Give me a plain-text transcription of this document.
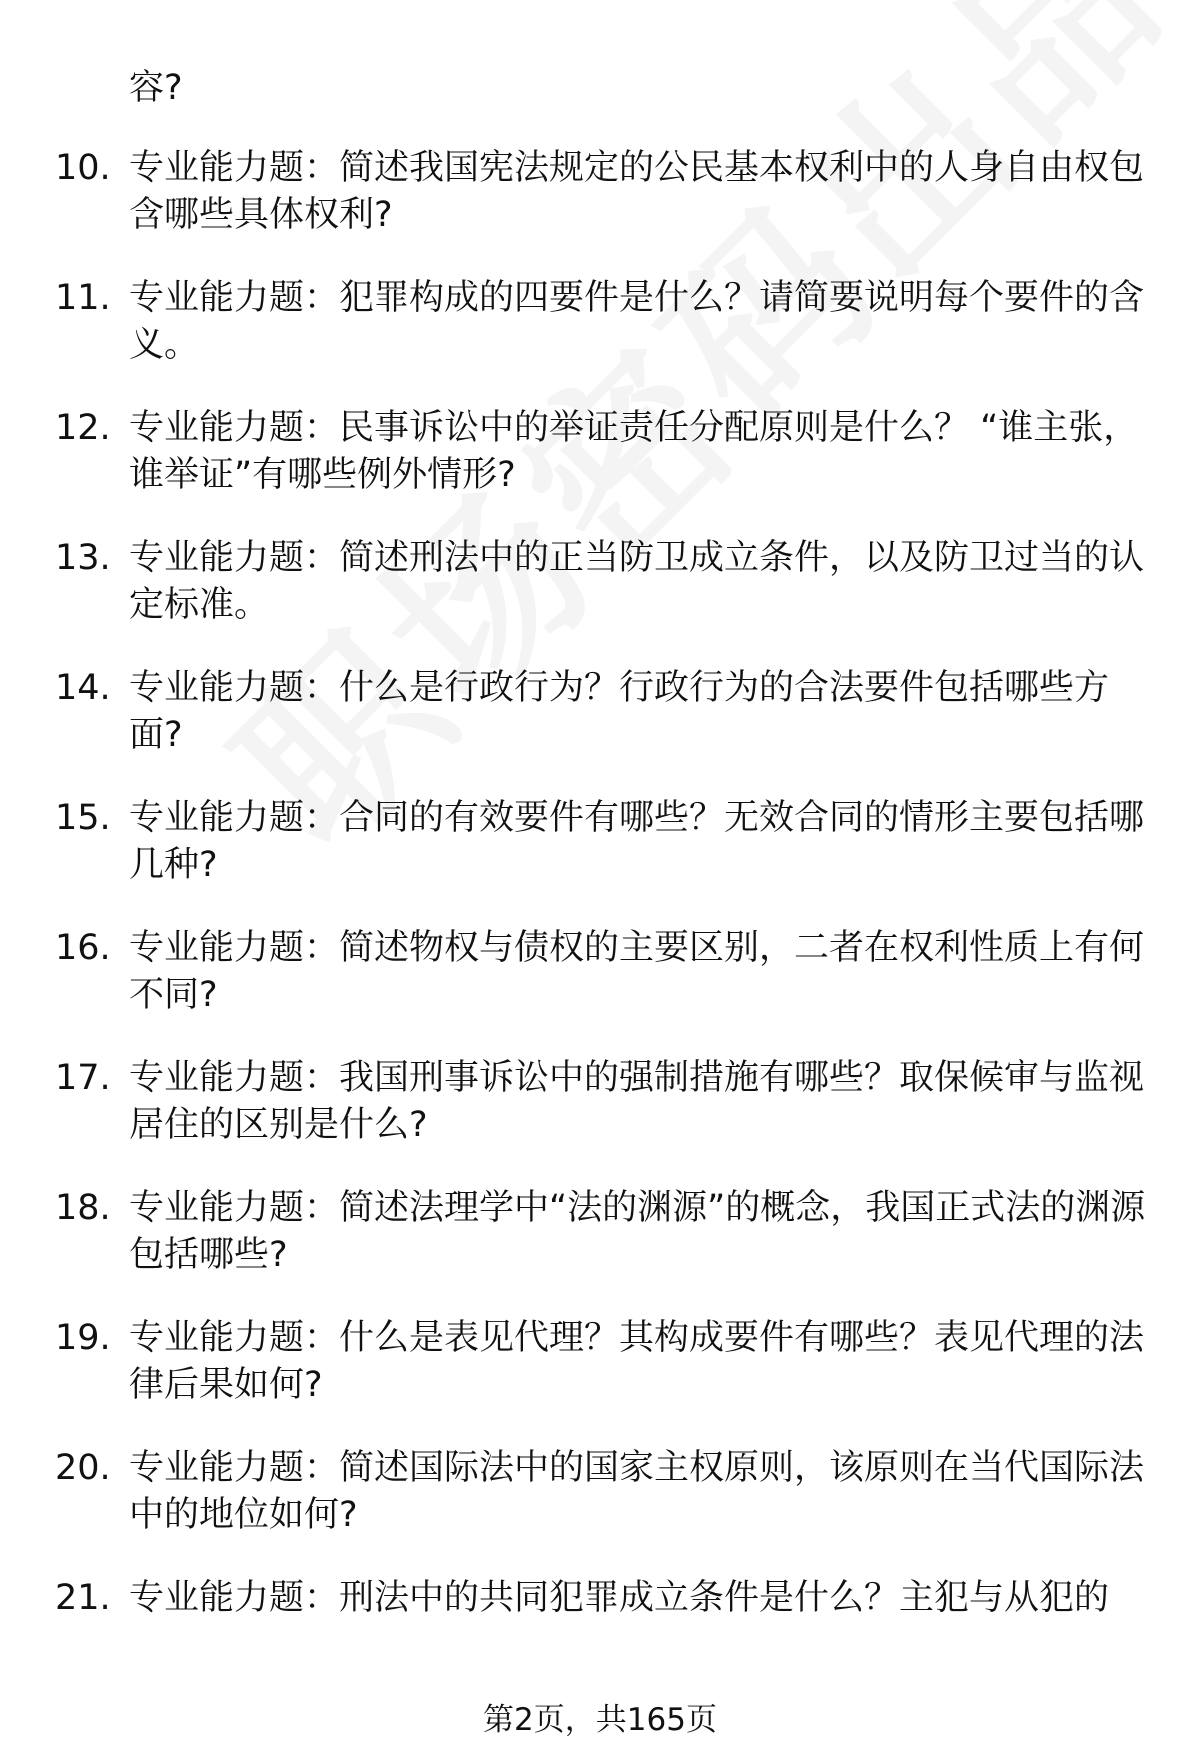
容?
10. 专业能力题：简述我国宪法规定的公民基本权利中的人身自由权包含哪些具体权利?
11. 专业能力题：犯罪构成的四要件是什么？请简要说明每个要件的含义。
12. 专业能力题：民事诉讼中的举证责任分配原则是什么？ “谁主张，谁举证”有哪些例外情形?
13. 专业能力题：简述刑法中的正当防卫成立条件，以及防卫过当的认定标准。
14. 专业能力题：什么是行政行为？行政行为的合法要件包括哪些方面?
15. 专业能力题：合同的有效要件有哪些？无效合同的情形主要包括哪几种?
16. 专业能力题：简述物权与债权的主要区别，二者在权利性质上有何不同?
17. 专业能力题：我国刑事诉讼中的强制措施有哪些？取保候审与监视居住的区别是什么?
18. 专业能力题：简述法理学中“法的渊源”的概念，我国正式法的渊源包括哪些?
19. 专业能力题：什么是表见代理？其构成要件有哪些？表见代理的法律后果如何?
20. 专业能力题：简述国际法中的国家主权原则，该原则在当代国际法中的地位如何?
21. 专业能力题：刑法中的共同犯罪成立条件是什么？主犯与从犯的
第2页，共165页
